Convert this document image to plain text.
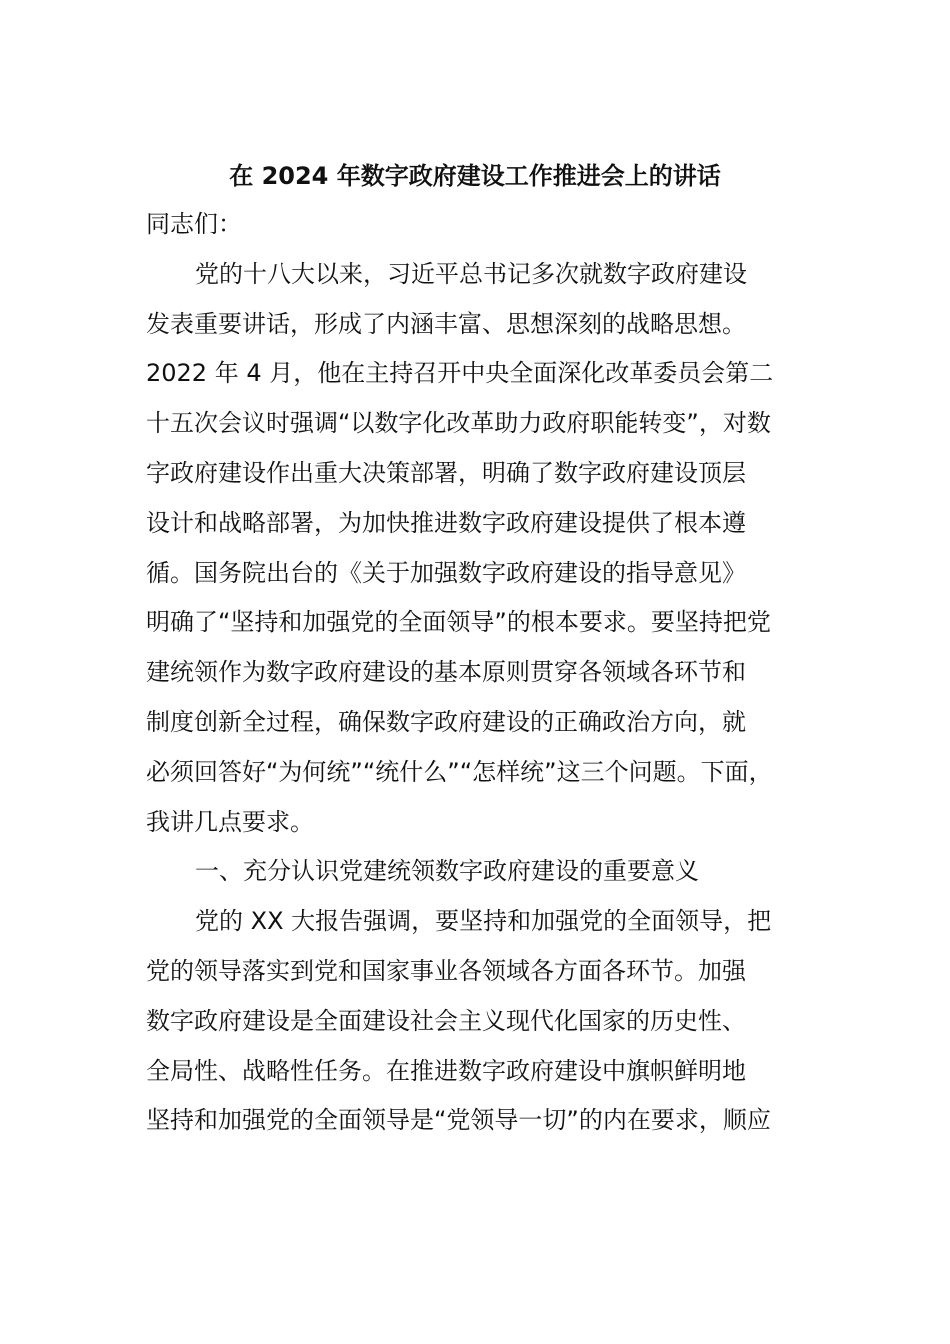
在 2024 年数字政府建设工作推进会上的讲话
同志们：
党的十八大以来，习近平总书记多次就数字政府建设
发表重要讲话，形成了内涵丰富、思想深刻的战略思想。
2022 年 4 月，他在主持召开中央全面深化改革委员会第二
十五次会议时强调“以数字化改革助力政府职能转变”，对数
字政府建设作出重大决策部署，明确了数字政府建设顶层
设计和战略部署，为加快推进数字政府建设提供了根本遵
循。国务院出台的《关于加强数字政府建设的指导意见》
明确了“坚持和加强党的全面领导”的根本要求。要坚持把党
建统领作为数字政府建设的基本原则贯穿各领域各环节和
制度创新全过程，确保数字政府建设的正确政治方向，就
必须回答好“为何统”“统什么”“怎样统”这三个问题。下面，
我讲几点要求。
一、充分认识党建统领数字政府建设的重要意义
党的 XX 大报告强调，要坚持和加强党的全面领导，把
党的领导落实到党和国家事业各领域各方面各环节。加强
数字政府建设是全面建设社会主义现代化国家的历史性、
全局性、战略性任务。在推进数字政府建设中旗帜鲜明地
坚持和加强党的全面领导是“党领导一切”的内在要求，顺应
